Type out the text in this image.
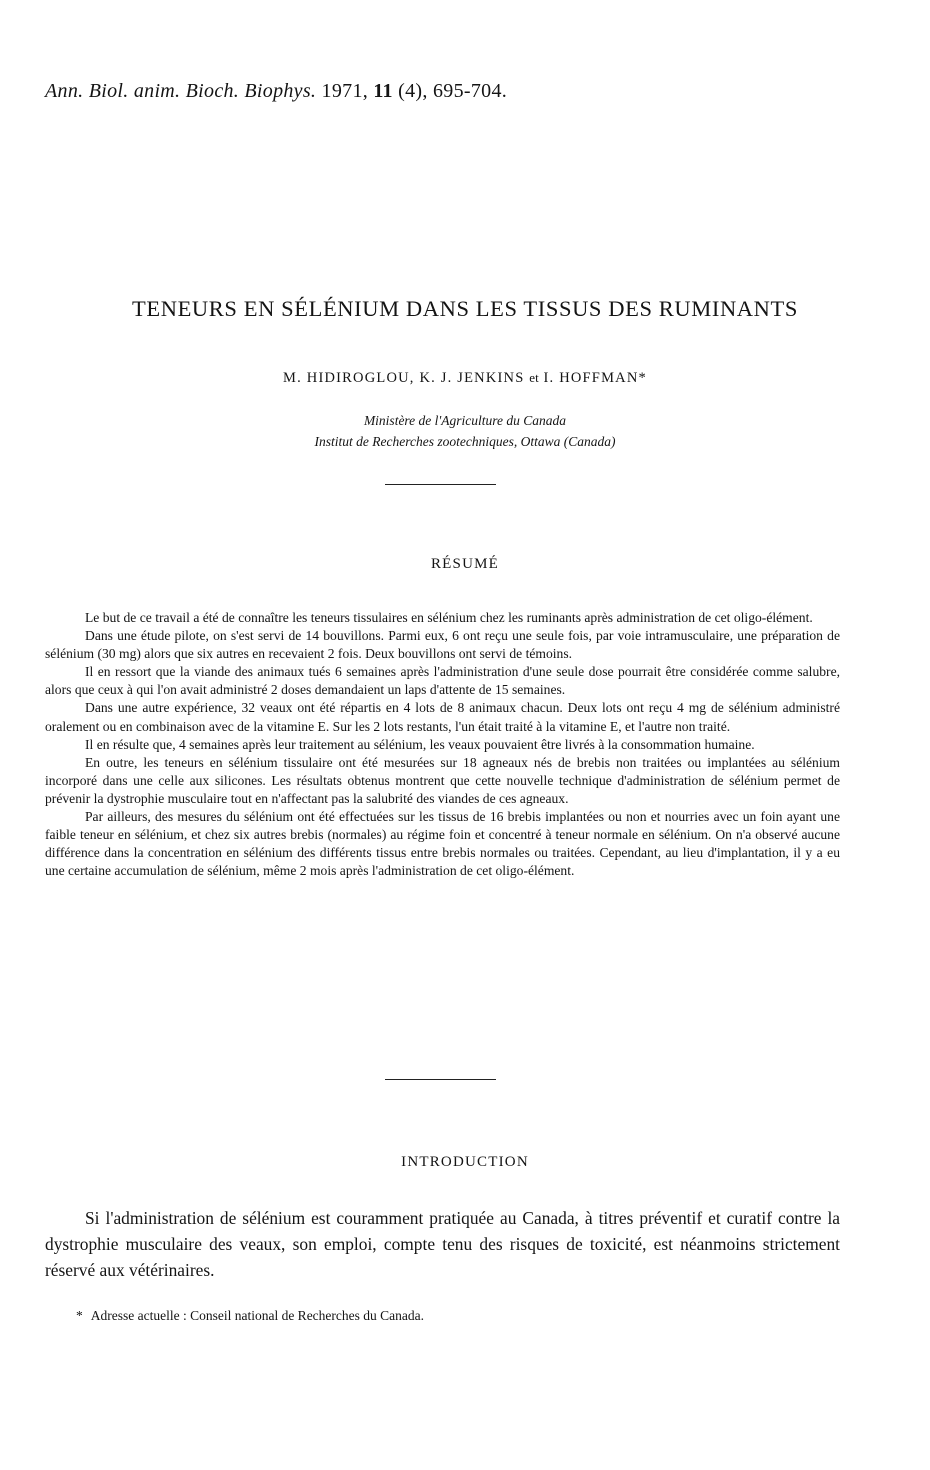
Ann. Biol. anim. Bioch. Biophys. 1971, 11 (4), 695-704.
TENEURS EN SÉLÉNIUM DANS LES TISSUS DES RUMINANTS
M. HIDIROGLOU, K. J. JENKINS et I. HOFFMAN*
Ministère de l'Agriculture du Canada
Institut de Recherches zootechniques, Ottawa (Canada)
RÉSUMÉ

Le but de ce travail a été de connaître les teneurs tissulaires en sélénium chez les ruminants après administration de cet oligo-élément.

Dans une étude pilote, on s'est servi de 14 bouvillons. Parmi eux, 6 ont reçu une seule fois, par voie intramusculaire, une préparation de sélénium (30 mg) alors que six autres en recevaient 2 fois. Deux bouvillons ont servi de témoins.

Il en ressort que la viande des animaux tués 6 semaines après l'administration d'une seule dose pourrait être considérée comme salubre, alors que ceux à qui l'on avait administré 2 doses demandaient un laps d'attente de 15 semaines.

Dans une autre expérience, 32 veaux ont été répartis en 4 lots de 8 animaux chacun. Deux lots ont reçu 4 mg de sélénium administré oralement ou en combinaison avec de la vitamine E. Sur les 2 lots restants, l'un était traité à la vitamine E, et l'autre non traité.

Il en résulte que, 4 semaines après leur traitement au sélénium, les veaux pouvaient être livrés à la consommation humaine.

En outre, les teneurs en sélénium tissulaire ont été mesurées sur 18 agneaux nés de brebis non traitées ou implantées au sélénium incorporé dans une celle aux silicones. Les résultats obtenus montrent que cette nouvelle technique d'administration de sélénium permet de prévenir la dystrophie musculaire tout en n'affectant pas la salubrité des viandes de ces agneaux.

Par ailleurs, des mesures du sélénium ont été effectuées sur les tissus de 16 brebis implantées ou non et nourries avec un foin ayant une faible teneur en sélénium, et chez six autres brebis (normales) au régime foin et concentré à teneur normale en sélénium. On n'a observé aucune différence dans la concentration en sélénium des différents tissus entre brebis normales ou traitées. Cependant, au lieu d'implantation, il y a eu une certaine accumulation de sélénium, même 2 mois après l'administration de cet oligo-élément.

INTRODUCTION

Si l'administration de sélénium est couramment pratiquée au Canada, à titres préventif et curatif contre la dystrophie musculaire des veaux, son emploi, compte tenu des risques de toxicité, est néanmoins strictement réservé aux vétérinaires.

* Adresse actuelle : Conseil national de Recherches du Canada.
